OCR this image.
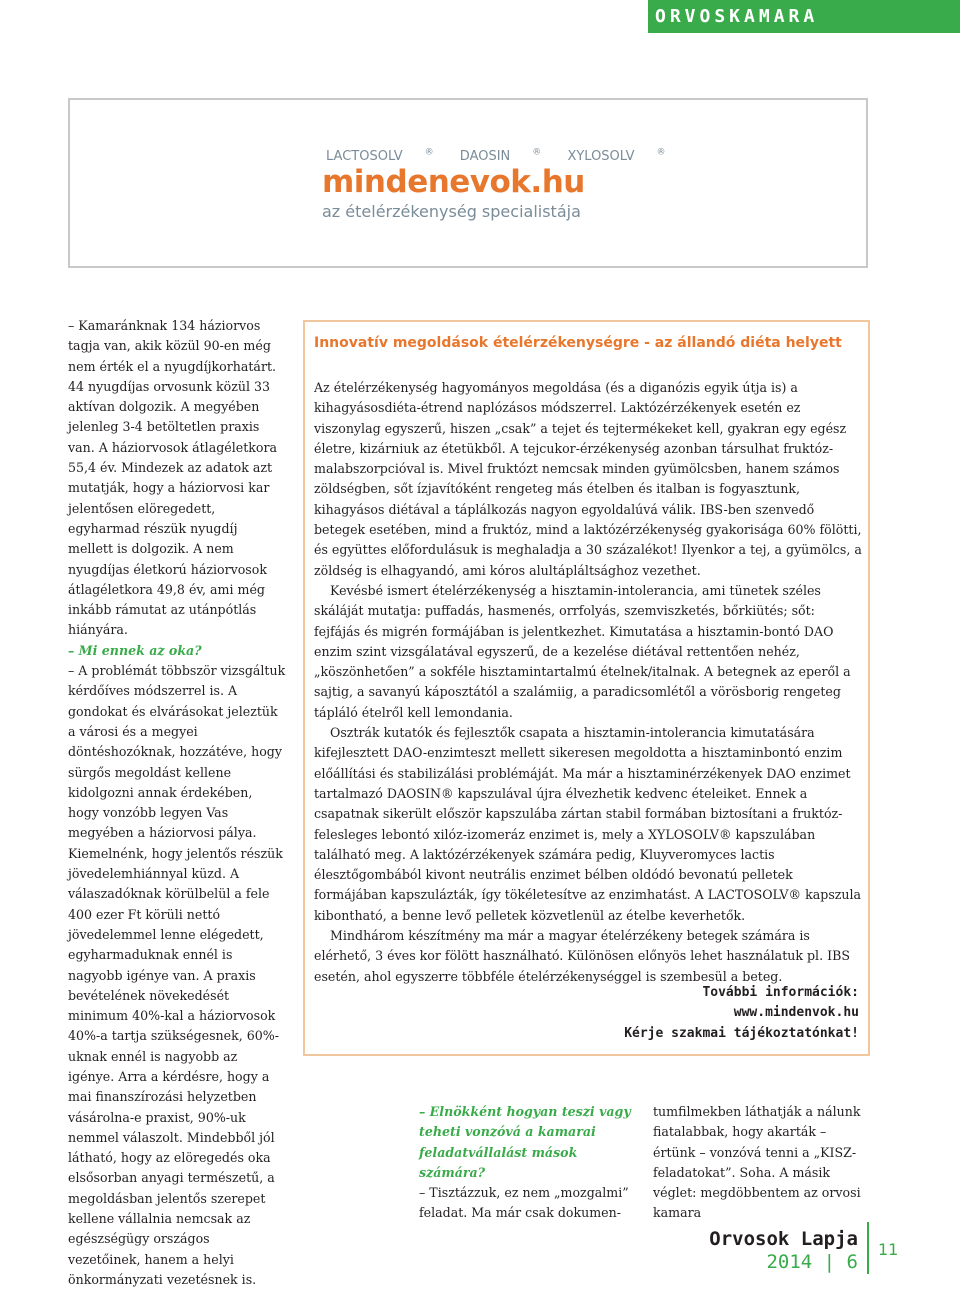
ORVOSKAMARA
LACTOSOLV ® DAOSIN ® XYLOSOLV ®
mindenevok.hu
az ételérzékenység specialistája

– Kamaránknak 134 háziorvos tagja van, akik közül 90-en még nem érték el a nyugdíjkorhatárt. 44 nyugdíjas orvosunk közül 33 aktívan dolgozik. A megyében jelenleg 3-4 betöltetlen praxis van. A háziorvosok átlagéletkora 55,4 év. Mindezek az adatok azt mutatják, hogy a háziorvosi kar jelentősen elöregedett, egyharmad részük nyugdíj mellett is dolgozik. A nem nyugdíjas életkorú háziorvosok átlagéletkora 49,8 év, ami még inkább rámutat az utánpótlás hiányára.

– Mi ennek az oka?

– A problémát többször vizsgáltuk kérdőíves módszerrel is. A gondokat és elvárásokat jeleztük a városi és a megyei döntéshozóknak, hozzátéve, hogy sürgős megoldást kellene kidolgozni annak érdekében, hogy vonzóbb legyen Vas megyében a háziorvosi pálya. Kiemelnénk, hogy jelentős részük jövedelemhiánnyal küzd. A válaszadóknak körülbelül a fele 400 ezer Ft körüli nettó jövedelemmel lenne elégedett, egyharmaduknak ennél is nagyobb igénye van. A praxis bevételének növekedését minimum 40%-kal a háziorvosok 40%-a tartja szükségesnek, 60%-uknak ennél is nagyobb az igénye. Arra a kérdésre, hogy a mai finanszírozási helyzetben vásárolna-e praxist, 90%-uk nemmel válaszolt. Mindebből jól látható, hogy az elöregedés oka elsősorban anyagi természetű, a megoldásban jelentős szerepet kellene vállalnia nemcsak az egészségügy országos vezetőinek, hanem a helyi önkormányzati vezetésnek is.

Innovatív megoldások ételérzékenységre - az állandó diéta helyett

Az ételérzékenység hagyományos megoldása (és a diganózis egyik útja is) a kihagyásosdiéta-étrend naplózásos módszerrel. Laktózérzékenyek esetén ez viszonylag egyszerű, hiszen „csak” a tejet és tejtermékeket kell, gyakran egy egész életre, kizárniuk az étetükből. A tejcukor-érzékenység azonban társulhat fruktóz-malabszorpcióval is. Mivel fruktózt nemcsak minden gyümölcsben, hanem számos zöldségben, sőt ízjavítóként rengeteg más ételben és italban is fogyasztunk, kihagyásos diétával a táplálkozás nagyon egyoldalúvá válik. IBS-ben szenvedő betegek esetében, mind a fruktóz, mind a laktózérzékenység gyakorisága 60% fölötti, és együttes előfordulásuk is meghaladja a 30 százalékot! Ilyenkor a tej, a gyümölcs, a zöldség is elhagyandó, ami kóros alultápláltsághoz vezethet.

Kevésbé ismert ételérzékenység a hisztamin-intolerancia, ami tünetek széles skáláját mutatja: puffadás, hasmenés, orrfolyás, szemviszketés, bőrkiütés; sőt: fejfájás és migrén formájában is jelentkezhet. Kimutatása a hisztamin-bontó DAO enzim szint vizsgálatával egyszerű, de a kezelése diétával rettentően nehéz, „köszönhetően” a sokféle hisztamintartalmú ételnek/italnak. A betegnek az eperől a sajtig, a savanyú káposztától a szalámiig, a paradicsomlétől a vörösborig rengeteg tápláló ételről kell lemondania.

Osztrák kutatók és fejlesztők csapata a hisztamin-intolerancia kimutatására kifejlesztett DAO-enzimteszt mellett sikeresen megoldotta a hisztaminbontó enzim előállítási és stabilizálási problémáját. Ma már a hisztaminérzékenyek DAO enzimet tartalmazó DAOSIN® kapszulával újra élvezhetik kedvenc ételeiket. Ennek a csapatnak sikerült először kapszulába zártan stabil formában biztosítani a fruktóz-felesleges lebontó xilóz-izomeráz enzimet is, mely a XYLOSOLV® kapszulában található meg. A laktózérzékenyek számára pedig, Kluyveromyces lactis élesztőgombából kivont neutrális enzimet bélben oldódó bevonatú pelletek formájában kapszulázták, így tökéletesítve az enzimhatást. A LACTOSOLV® kapszula kibontható, a benne levő pelletek közvetlenül az ételbe keverhetők.

Mindhárom készítmény ma már a magyar ételérzékeny betegek számára is elérhető, 3 éves kor fölött használható. Különösen előnyös lehet használatuk pl. IBS esetén, ahol egyszerre többféle ételérzékenységgel is szembesül a beteg.

További információk:
www.mindenvok.hu
Kérje szakmai tájékoztatónkat!

– Elnökként hogyan teszi vagy teheti vonzóvá a kamarai feladatvállalást mások számára?

– Tisztázzuk, ez nem „mozgalmi” feladat. Ma már csak dokumen-

tumfilmekben láthatják a nálunk fiatalabbak, hogy akarták – értünk – vonzóvá tenni a „KISZ-feladatokat”. Soha. A másik véglet: megdöbbentem az orvosi kamara

Orvosok Lapja
2014 | 6
11
